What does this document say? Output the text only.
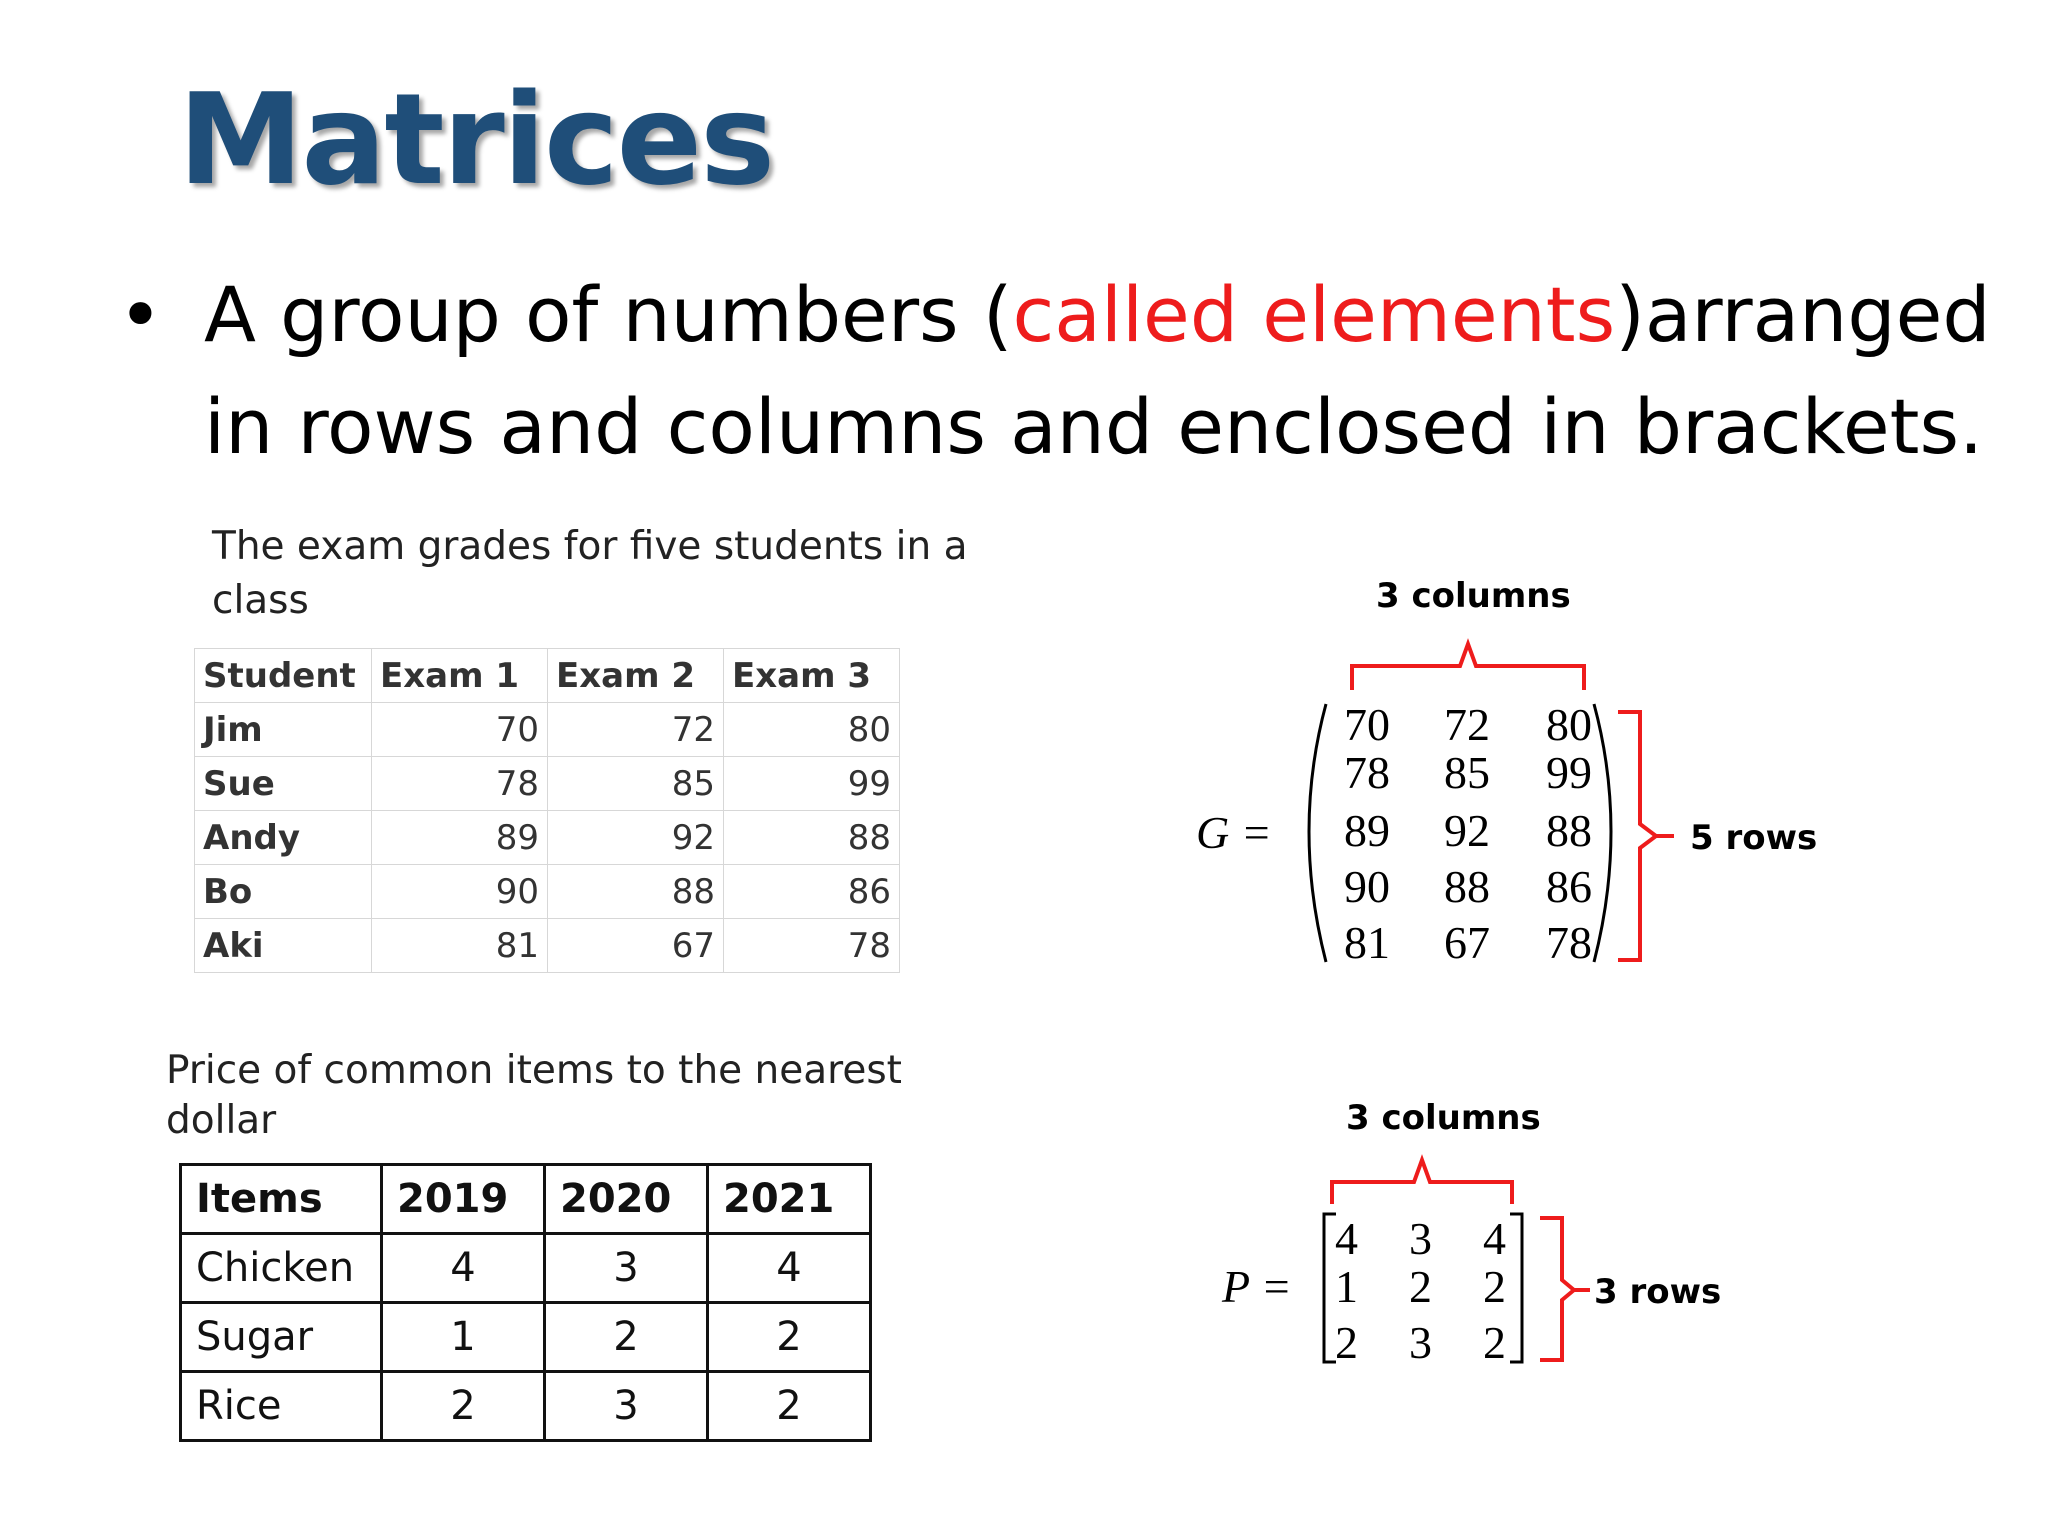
Matrices
• A group of numbers (called elements)arranged
in rows and columns and enclosed in brackets.
The exam grades for five students in a
class
Student	Exam 1	Exam 2	Exam 3
Jim	70	72	80
Sue	78	85	99
Andy	89	92	88
Bo	90	88	86
Aki	81	67	78
Price of common items to the nearest
dollar
Items	2019	2020	2021
Chicken	4	3	4
Sugar	1	2	2
Rice	2	3	2
3 columns
5 rows
G =
70	72	80
78	85	99
89	92	88
90	88	86
81	67	78
3 columns
3 rows
P =
4	3	4
1	2	2
2	3	2
